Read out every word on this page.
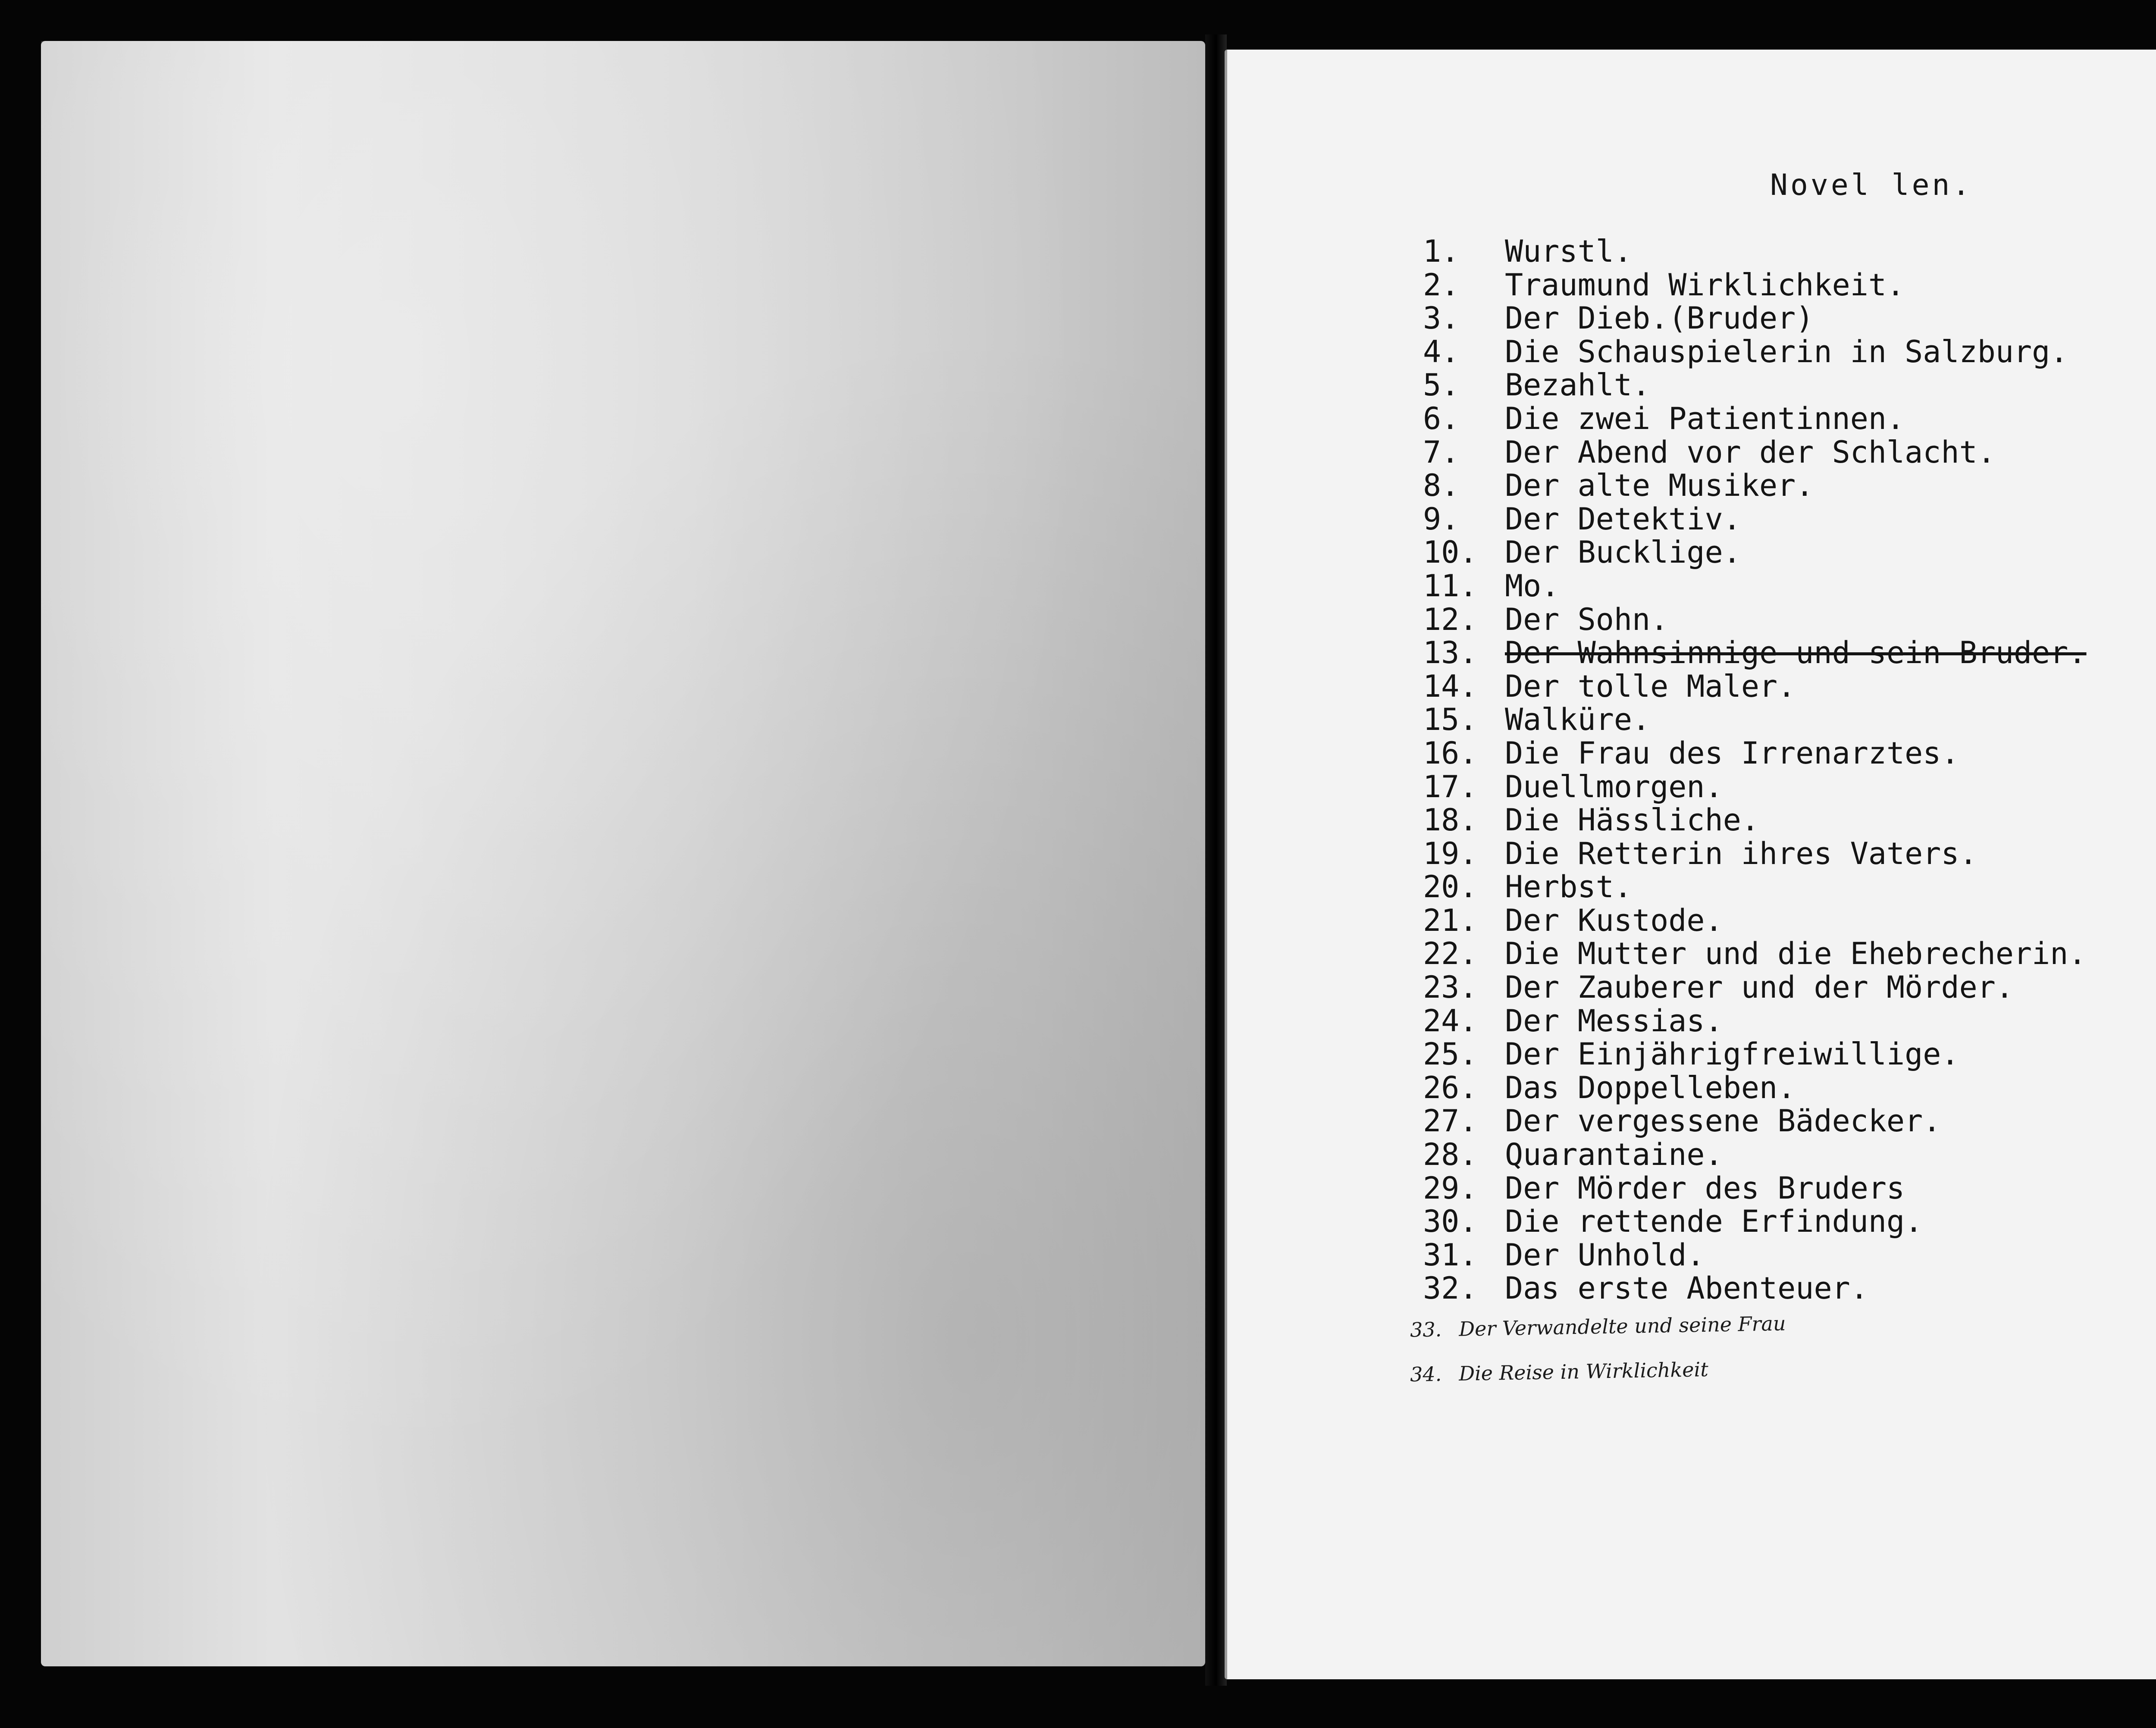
Novel len.
1. Wurstl.
2. Traumund Wirklichkeit.
3. Der Dieb.(Bruder)
4. Die Schauspielerin in Salzburg.
5. Bezahlt.
6. Die zwei Patientinnen.
7. Der Abend vor der Schlacht.
8. Der alte Musiker.
9. Der Detektiv.
10. Der Bucklige.
11. Mo.
12. Der Sohn.
13. Der Wahnsinnige und sein Bruder.
14. Der tolle Maler.
15. Walküre.
16. Die Frau des Irrenarztes.
17. Duellmorgen.
18. Die Hässliche.
19. Die Retterin ihres Vaters.
20. Herbst.
21. Der Kustode.
22. Die Mutter und die Ehebrecherin.
23. Der Zauberer und der Mörder.
24. Der Messias.
25. Der Einjährigfreiwillige.
26. Das Doppelleben.
27. Der vergessene Bädecker.
28. Quarantaine.
29. Der Mörder des Bruders
30. Die rettende Erfindung.
31. Der Unhold.
32. Das erste Abenteuer.
33. Der Verwandelte und seine Frau
34. Die Reise in Wirklichkeit
